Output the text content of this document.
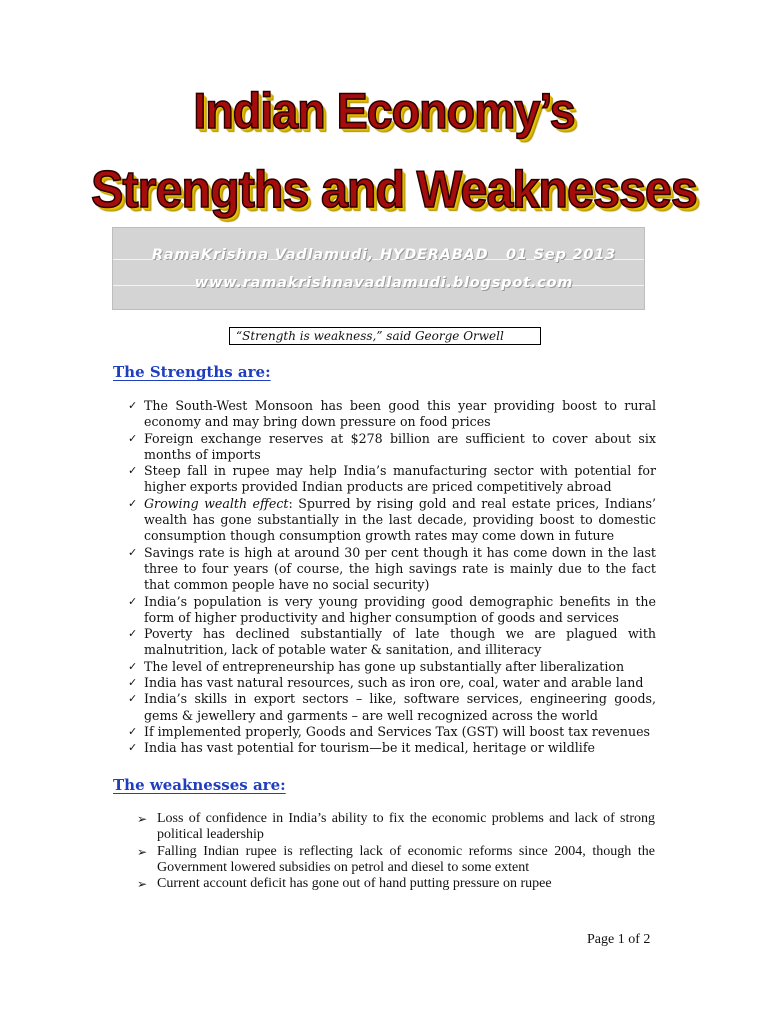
Indian Economy’s
Strengths and Weaknesses
RamaKrishna Vadlamudi, HYDERABAD   01 Sep 2013
www.ramakrishnavadlamudi.blogspot.com
“Strength is weakness,” said George Orwell
The Strengths are:
✓ The South-West Monsoon has been good this year providing boost to rural economy and may bring down pressure on food prices
✓ Foreign exchange reserves at $278 billion are sufficient to cover about six months of imports
✓ Steep fall in rupee may help India’s manufacturing sector with potential for higher exports provided Indian products are priced competitively abroad
✓ Growing wealth effect: Spurred by rising gold and real estate prices, Indians’ wealth has gone substantially in the last decade, providing boost to domestic consumption though consumption growth rates may come down in future
✓ Savings rate is high at around 30 per cent though it has come down in the last three to four years (of course, the high savings rate is mainly due to the fact that common people have no social security)
✓ India’s population is very young providing good demographic benefits in the form of higher productivity and higher consumption of goods and services
✓ Poverty has declined substantially of late though we are plagued with malnutrition, lack of potable water & sanitation, and illiteracy
✓ The level of entrepreneurship has gone up substantially after liberalization
✓ India has vast natural resources, such as iron ore, coal, water and arable land
✓ India’s skills in export sectors – like, software services, engineering goods, gems & jewellery and garments – are well recognized across the world
✓ If implemented properly, Goods and Services Tax (GST) will boost tax revenues
✓ India has vast potential for tourism—be it medical, heritage or wildlife
The weaknesses are:
➢ Loss of confidence in India’s ability to fix the economic problems and lack of strong political leadership
➢ Falling Indian rupee is reflecting lack of economic reforms since 2004, though the Government lowered subsidies on petrol and diesel to some extent
➢ Current account deficit has gone out of hand putting pressure on rupee
Page 1 of 2
